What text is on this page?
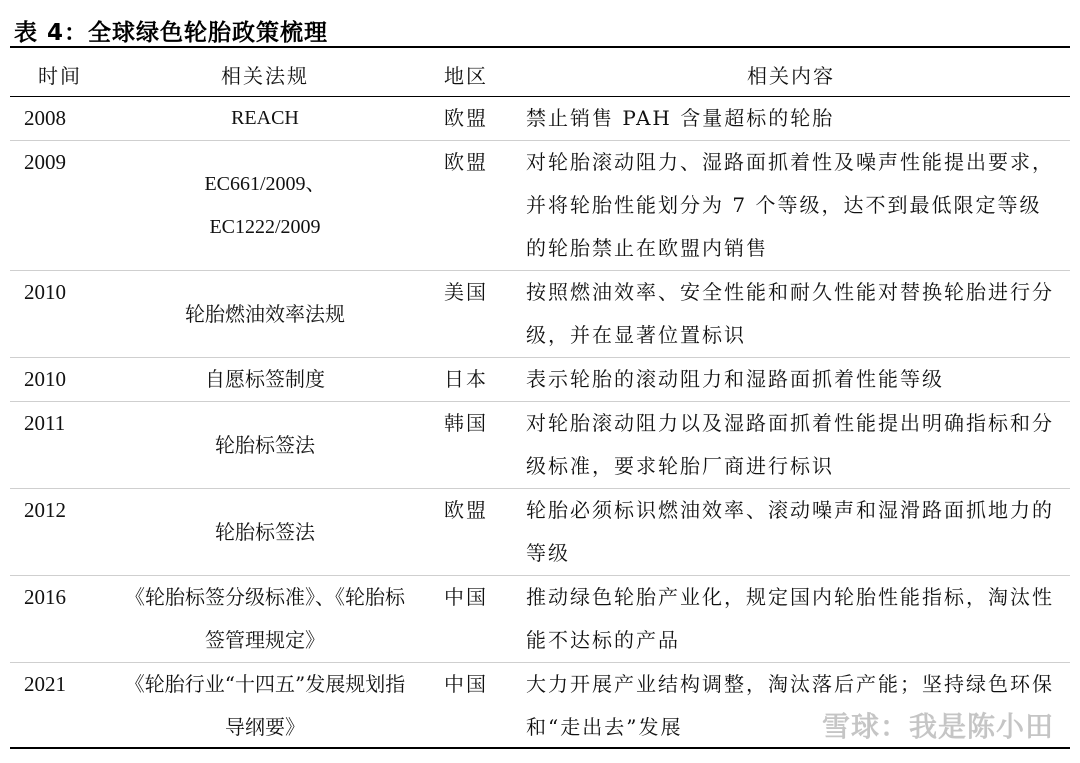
表 4：全球绿色轮胎政策梳理
时间	相关法规	地区	相关内容
2008	REACH	欧盟	禁止销售 PAH 含量超标的轮胎
2009	EC661/2009、EC1222/2009	欧盟	对轮胎滚动阻力、湿路面抓着性及噪声性能提出要求，并将轮胎性能划分为 7 个等级，达不到最低限定等级的轮胎禁止在欧盟内销售
2010	轮胎燃油效率法规	美国	按照燃油效率、安全性能和耐久性能对替换轮胎进行分级，并在显著位置标识
2010	自愿标签制度	日本	表示轮胎的滚动阻力和湿路面抓着性能等级
2011	轮胎标签法	韩国	对轮胎滚动阻力以及湿路面抓着性能提出明确指标和分级标准，要求轮胎厂商进行标识
2012	轮胎标签法	欧盟	轮胎必须标识燃油效率、滚动噪声和湿滑路面抓地力的等级
2016	《轮胎标签分级标准》、《轮胎标签管理规定》	中国	推动绿色轮胎产业化，规定国内轮胎性能指标，淘汰性能不达标的产品
2021	《轮胎行业“十四五”发展规划指导纲要》	中国	大力开展产业结构调整，淘汰落后产能；坚持绿色环保和“走出去”发展	雪球：我是陈小田
